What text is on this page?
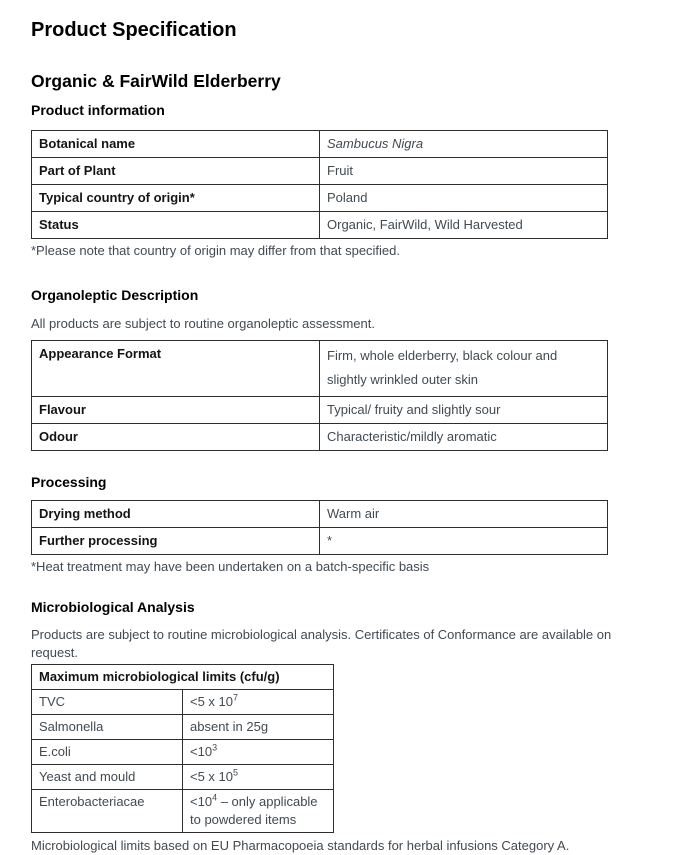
Product Specification
Organic & FairWild Elderberry
Product information
Botanical name	Sambucus Nigra
Part of Plant	Fruit
Typical country of origin*	Poland
Status	Organic, FairWild, Wild Harvested

*Please note that country of origin may differ from that specified.

Organoleptic Description

All products are subject to routine organoleptic assessment.

Appearance Format	Firm, whole elderberry, black colour and slightly wrinkled outer skin
Flavour	Typical/ fruity and slightly sour
Odour	Characteristic/mildly aromatic
Processing
Drying method	Warm air
Further processing	*

*Heat treatment may have been undertaken on a batch-specific basis

Microbiological Analysis

Products are subject to routine microbiological analysis. Certificates of Conformance are available on request.

Maximum microbiological limits (cfu/g)	
TVC	<5 x $10^7$
Salmonella	absent in 25g
E.coli	$<10^3$
Yeast and mould	<5 x $10^5$
Enterobacteriacae	$<10^4$ – only applicable to powdered items

Microbiological limits based on EU Pharmacopoeia standards for herbal infusions Category A.
